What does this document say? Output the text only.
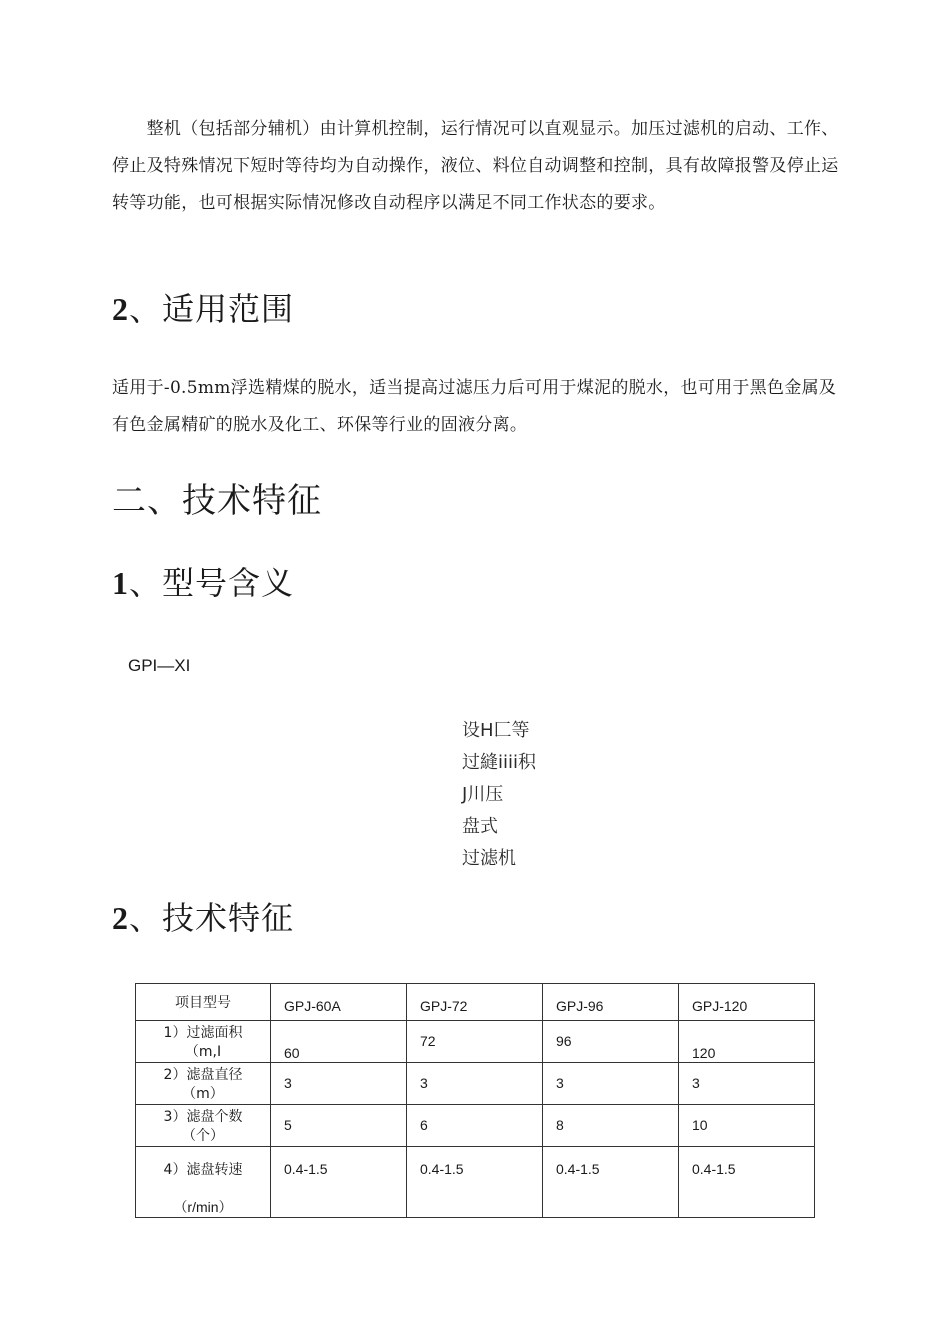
　　整机（包括部分辅机）由计算机控制，运行情况可以直观显示。加压过滤机的启动、工作、停止及特殊情况下短时等待均为自动操作，液位、料位自动调整和控制，具有故障报警及停止运转等功能，也可根据实际情况修改自动程序以满足不同工作状态的要求。
2、适用范围
适用于-0.5mm浮选精煤的脱水，适当提高过滤压力后可用于煤泥的脱水，也可用于黑色金属及有色金属精矿的脱水及化工、环保等行业的固液分离。
二、技术特征
1、型号含义
GPI—XI
设H匚等
过縫iiii积
J川压
盘式
过滤机
2、技术特征
项目型号	GPJ-60A	GPJ-72	GPJ-96	GPJ-120

1）过滤面积
（m,I	60	72	96	120

2）滤盘直径
（m）	3	3	3	3

3）滤盘个数
（个）	5	6	8	10

4）滤盘转速
（r/min）	0.4-1.5	0.4-1.5	0.4-1.5	0.4-1.5
